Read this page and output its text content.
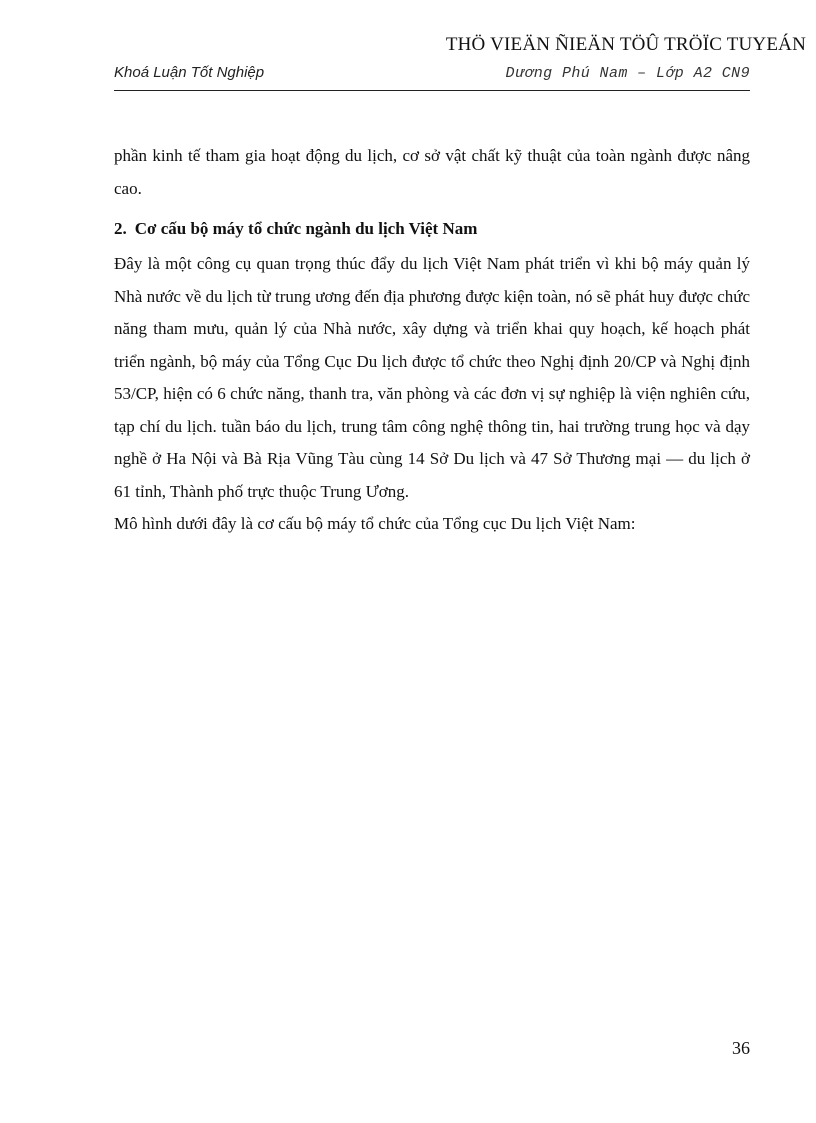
THÖ VIEÄN ÑIEÄN TÖÛ TRÖÏC TUYEÁN
Khoá Luận Tốt Nghiệp	Dương Phú Nam – Lớp A2 CN9

phần kinh tế tham gia hoạt động du lịch, cơ sở vật chất kỹ thuật của toàn ngành được nâng cao.

2. Cơ cấu bộ máy tổ chức ngành du lịch Việt Nam

Đây là một công cụ quan trọng thúc đẩy du lịch Việt Nam phát triển vì khi bộ máy quản lý Nhà nước về du lịch từ trung ương đến địa phương được kiện toàn, nó sẽ phát huy được chức năng tham mưu, quản lý của Nhà nước, xây dựng và triển khai quy hoạch, kế hoạch phát triển ngành, bộ máy của Tổng Cục Du lịch được tổ chức theo Nghị định 20/CP và Nghị định 53/CP, hiện có 6 chức năng, thanh tra, văn phòng và các đơn vị sự nghiệp là viện nghiên cứu, tạp chí du lịch. tuần báo du lịch, trung tâm công nghệ thông tin, hai trường trung học và dạy nghề ở Ha Nội và Bà Rịa Vũng Tàu cùng 14 Sở Du lịch và 47 Sở Thương mại — du lịch ở 61 tỉnh, Thành phố trực thuộc Trung Ương.

Mô hình dưới đây là cơ cấu bộ máy tổ chức của Tổng cục Du lịch Việt Nam:

36
